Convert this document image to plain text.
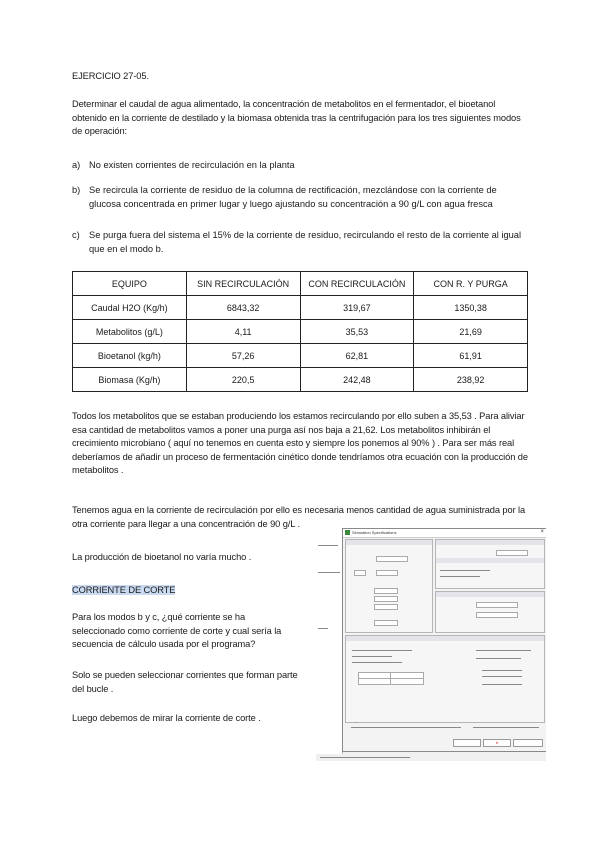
EJERCICIO 27-05.

Determinar el caudal de agua alimentado, la concentración de metabolitos en el fermentador, el bioetanol obtenido en la corriente de destilado y la biomasa obtenida tras la centrifugación para los tres siguientes modos de operación:

a) No existen corrientes de recirculación en la planta
b) Se recircula la corriente de residuo de la columna de rectificación, mezclándose con la corriente de glucosa concentrada en primer lugar y luego ajustando su concentración a 90 g/L con agua fresca
c) Se purga fuera del sistema el 15% de la corriente de residuo, recirculando el resto de la corriente al igual que en el modo b.
EQUIPO	SIN RECIRCULACIÓN	CON RECIRCULACIÓN	CON R. Y PURGA
Caudal H2O (Kg/h)	6843,32	319,67	1350,38
Metabolitos (g/L)	4,11	35,53	21,69
Bioetanol (kg/h)	57,26	62,81	61,91
Biomasa (Kg/h)	220,5	242,48	238,92

Todos los metabolitos que se estaban produciendo los estamos recirculando por ello suben a 35,53 . Para aliviar esa cantidad de metabolitos vamos a poner una purga así nos baja a 21,62. Los metabolitos inhibirán el crecimiento microbiano ( aquí no tenemos en cuenta esto y siempre los ponemos al 90% ) . Para ser más real deberíamos de añadir un proceso de fermentación cinético donde tendríamos otra ecuación con la producción de metabolitos .

Tenemos agua en la corriente de recirculación por ello es necesaria menos cantidad de agua suministrada por la otra corriente para llegar a una concentración de 90 g/L .

La producción de bioetanol no varía mucho .

CORRIENTE DE CORTE

Para los modos b y c, ¿qué corriente se ha seleccionado como corriente de corte y cual sería la secuencia de cálculo usada por el programa?

Solo se pueden seleccionar corrientes que forman parte del bucle .

Luego debemos de mirar la corriente de corte .

Simulation Specifications	×
✕
